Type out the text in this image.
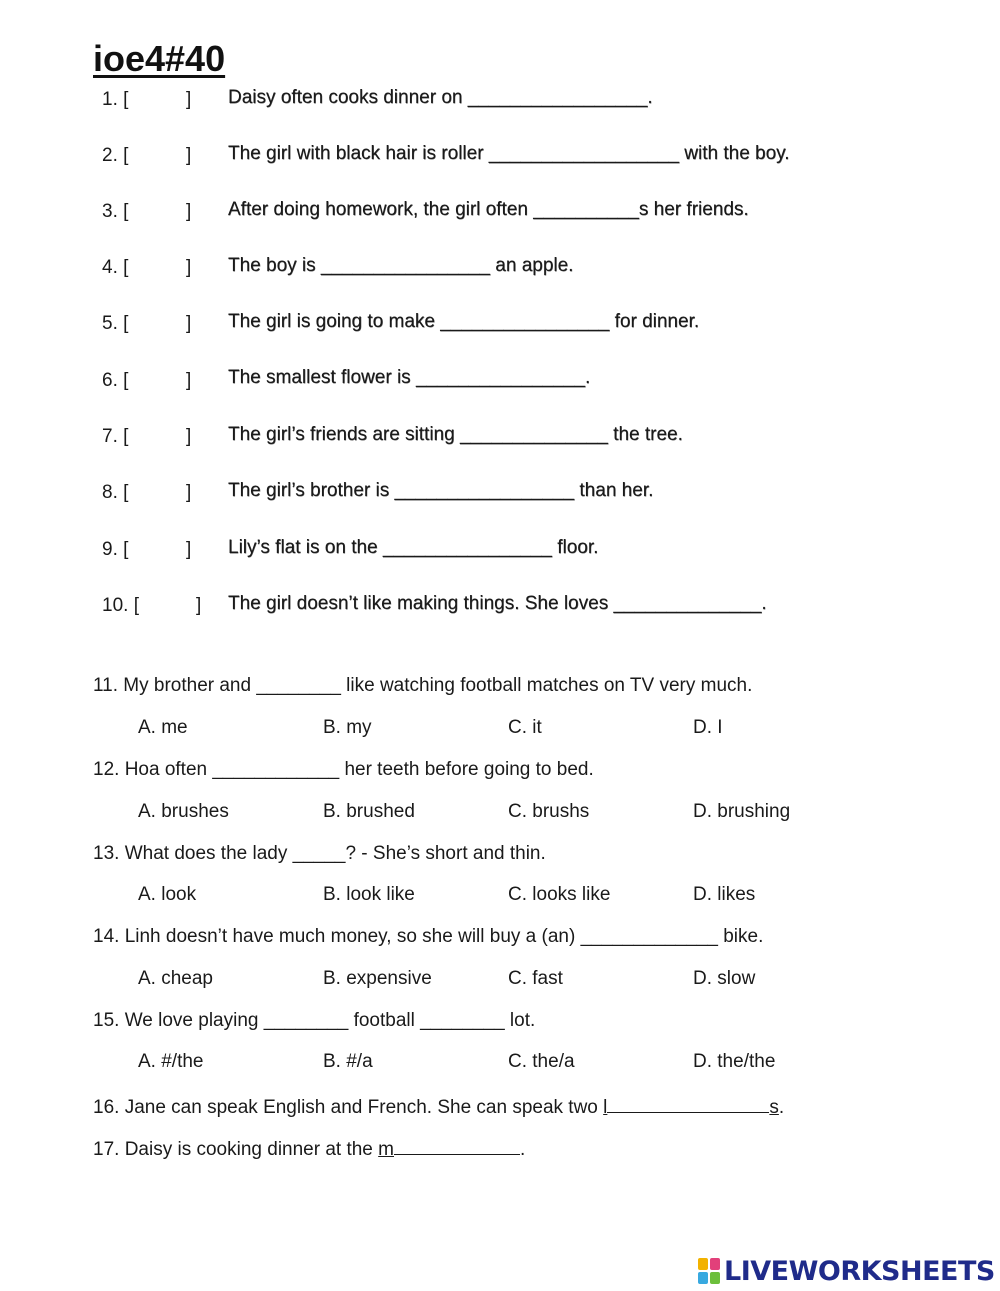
ioe4#40
1. [	] Daisy often cooks dinner on _________________.
2. [	] The girl with black hair is roller __________________ with the boy.
3. [	] After doing homework, the girl often __________s her friends.
4. [	] The boy is ________________ an apple.
5. [	] The girl is going to make ________________ for dinner.
6. [	] The smallest flower is ________________.
7. [	] The girl’s friends are sitting ______________ the tree.
8. [	] The girl’s brother is _________________ than her.
9. [	] Lily’s flat is on the ________________ floor.
10. [	] The girl doesn’t like making things. She loves ______________.
11. My brother and ________ like watching football matches on TV very much.
A. me	B. my	C. it	D. I
12. Hoa often ____________ her teeth before going to bed.
A. brushes	B. brushed	C. brushs	D. brushing
13. What does the lady _____? - She’s short and thin.
A. look	B. look like	C. looks like	D. likes
14. Linh doesn’t have much money, so she will buy a (an) _____________ bike.
A. cheap	B. expensive	C. fast	D. slow
15. We love playing ________ football ________ lot.
A. #/the	B. #/a	C. the/a	D. the/the
16. Jane can speak English and French. She can speak two l	s.
17. Daisy is cooking dinner at the m	.
LIVEWORKSHEETS
